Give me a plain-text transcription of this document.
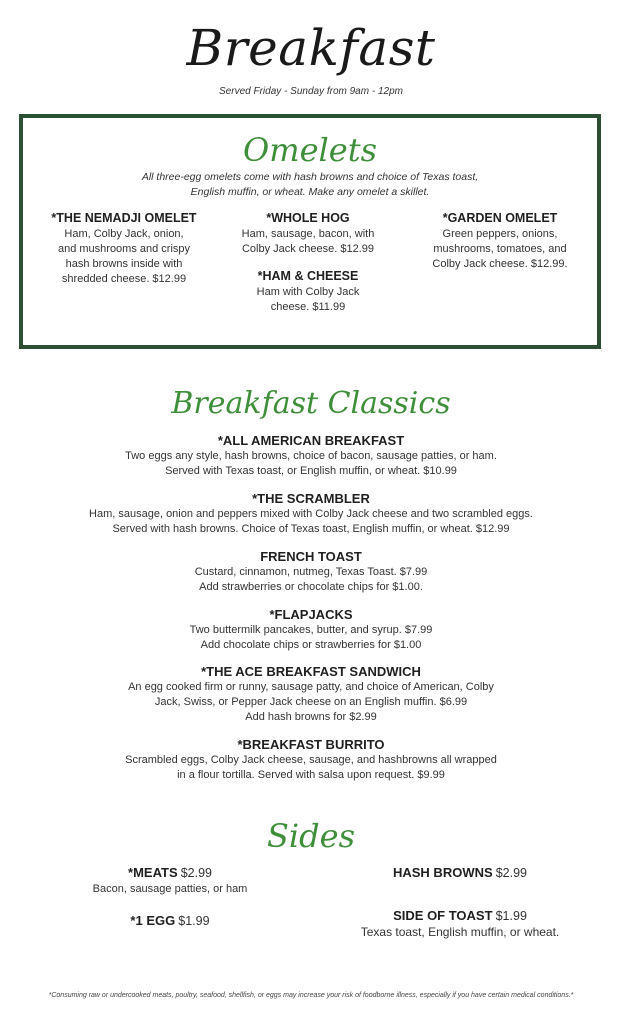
Breakfast
Served Friday - Sunday from 9am - 12pm
Omelets
All three-egg omelets come with hash browns and choice of Texas toast,
English muffin, or wheat. Make any omelet a skillet.
*THE NEMADJI OMELET
Ham, Colby Jack, onion,
and mushrooms and crispy
hash browns inside with
shredded cheese. $12.99
*WHOLE HOG
Ham, sausage, bacon, with
Colby Jack cheese. $12.99
*HAM & CHEESE
Ham with Colby Jack
cheese. $11.99
*GARDEN OMELET
Green peppers, onions,
mushrooms, tomatoes, and
Colby Jack cheese. $12.99.
Breakfast Classics
*ALL AMERICAN BREAKFAST
Two eggs any style, hash browns, choice of bacon, sausage patties, or ham.
Served with Texas toast, or English muffin, or wheat. $10.99
*THE SCRAMBLER
Ham, sausage, onion and peppers mixed with Colby Jack cheese and two scrambled eggs.
Served with hash browns. Choice of Texas toast, English muffin, or wheat. $12.99
FRENCH TOAST
Custard, cinnamon, nutmeg, Texas Toast. $7.99
Add strawberries or chocolate chips for $1.00.
*FLAPJACKS
Two buttermilk pancakes, butter, and syrup. $7.99
Add chocolate chips or strawberries for $1.00
*THE ACE BREAKFAST SANDWICH
An egg cooked firm or runny, sausage patty, and choice of American, Colby
Jack, Swiss, or Pepper Jack cheese on an English muffin. $6.99
Add hash browns for $2.99
*BREAKFAST BURRITO
Scrambled eggs, Colby Jack cheese, sausage, and hashbrowns all wrapped
in a flour tortilla. Served with salsa upon request. $9.99
Sides
*MEATS $2.99
Bacon, sausage patties, or ham
*1 EGG $1.99
HASH BROWNS $2.99
SIDE OF TOAST $1.99
Texas toast, English muffin, or wheat.
*Consuming raw or undercooked meats, poultry, seafood, shellfish, or eggs may increase your risk of foodborne illness, especially if you have certain medical conditions.*
